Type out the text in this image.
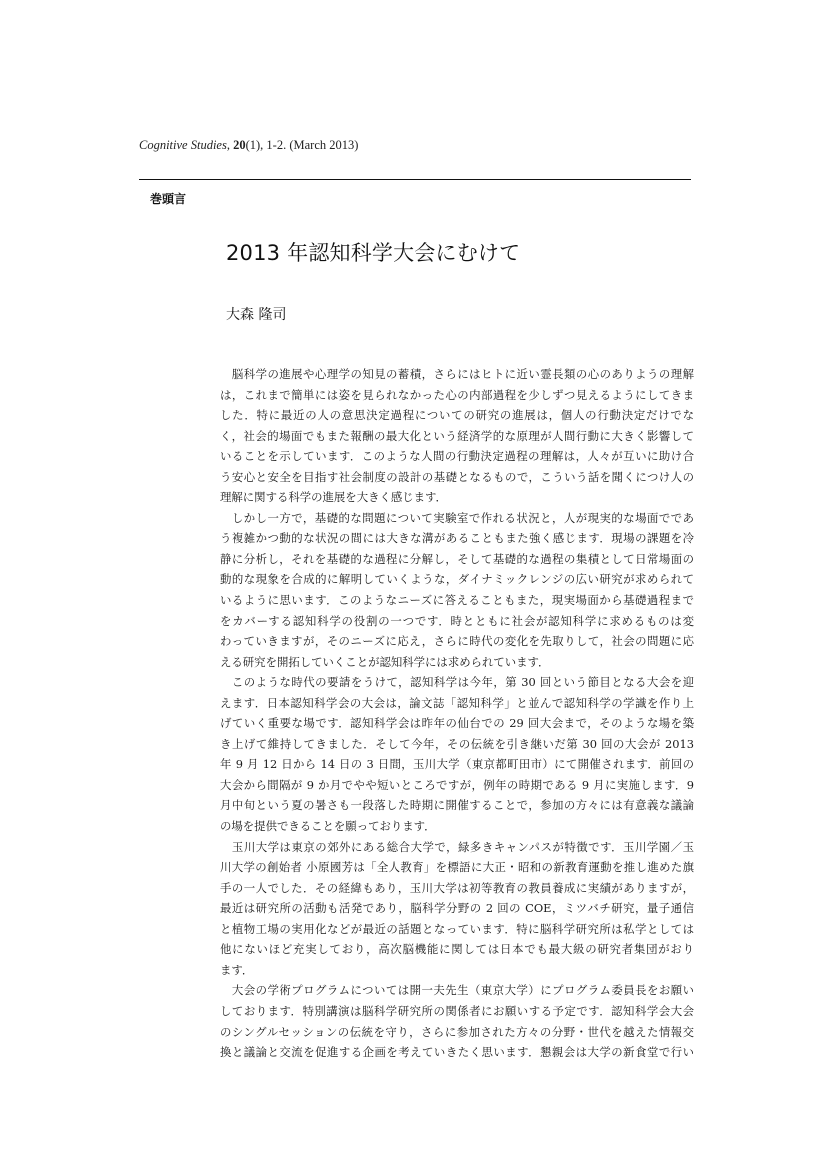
Cognitive Studies, 20(1), 1-2. (March 2013)
巻頭言
2013 年認知科学大会にむけて
大森 隆司
　脳科学の進展や心理学の知見の蓄積，さらにはヒトに近い霊長類の心のありようの理解
は，これまで簡単には姿を見られなかった心の内部過程を少しずつ見えるようにしてきま
した．特に最近の人の意思決定過程についての研究の進展は，個人の行動決定だけでな
く，社会的場面でもまた報酬の最大化という経済学的な原理が人間行動に大きく影響して
いることを示しています．このような人間の行動決定過程の理解は，人々が互いに助け合
う安心と安全を目指す社会制度の設計の基礎となるもので，こういう話を聞くにつけ人の
理解に関する科学の進展を大きく感じます．
　しかし一方で，基礎的な問題について実験室で作れる状況と，人が現実的な場面でであ
う複雑かつ動的な状況の間には大きな溝があることもまた強く感じます．現場の課題を冷
静に分析し，それを基礎的な過程に分解し，そして基礎的な過程の集積として日常場面の
動的な現象を合成的に解明していくような，ダイナミックレンジの広い研究が求められて
いるように思います．このようなニーズに答えることもまた，現実場面から基礎過程まで
をカバーする認知科学の役割の一つです．時とともに社会が認知科学に求めるものは変
わっていきますが，そのニーズに応え，さらに時代の変化を先取りして，社会の問題に応
える研究を開拓していくことが認知科学には求められています．
　このような時代の要請をうけて，認知科学は今年，第 30 回という節目となる大会を迎
えます．日本認知科学会の大会は，論文誌「認知科学」と並んで認知科学の学識を作り上
げていく重要な場です．認知科学会は昨年の仙台での 29 回大会まで，そのような場を築
き上げて維持してきました．そして今年，その伝統を引き継いだ第 30 回の大会が 2013
年 9 月 12 日から 14 日の 3 日間，玉川大学（東京都町田市）にて開催されます．前回の
大会から間隔が 9 か月でやや短いところですが，例年の時期である 9 月に実施します．9
月中旬という夏の暑さも一段落した時期に開催することで，参加の方々には有意義な議論
の場を提供できることを願っております．
　玉川大学は東京の郊外にある総合大学で，緑多きキャンパスが特徴です．玉川学園／玉
川大学の創始者 小原國芳は「全人教育」を標語に大正・昭和の新教育運動を推し進めた旗
手の一人でした．その経緯もあり，玉川大学は初等教育の教員養成に実績がありますが，
最近は研究所の活動も活発であり，脳科学分野の 2 回の COE，ミツバチ研究，量子通信
と植物工場の実用化などが最近の話題となっています．特に脳科学研究所は私学としては
他にないほど充実しており，高次脳機能に関しては日本でも最大級の研究者集団がおり
ます．
　大会の学術プログラムについては開一夫先生（東京大学）にプログラム委員長をお願い
しております．特別講演は脳科学研究所の関係者にお願いする予定です．認知科学会大会
のシングルセッションの伝統を守り，さらに参加された方々の分野・世代を越えた情報交
換と議論と交流を促進する企画を考えていきたく思います．懇親会は大学の新食堂で行い
